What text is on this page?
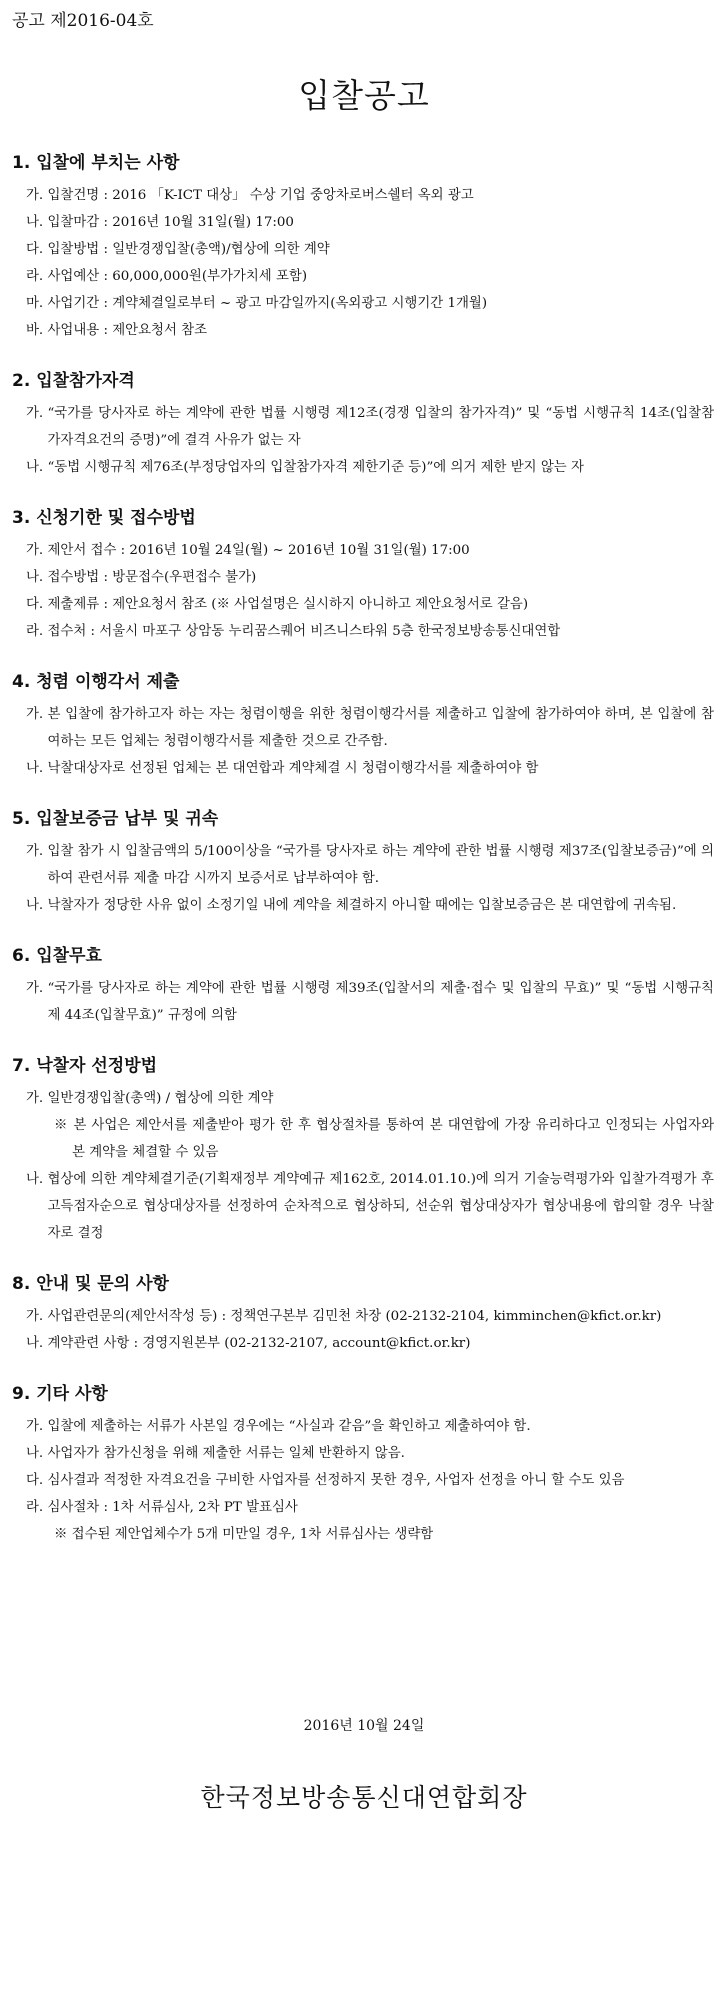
공고 제2016-04호
입찰공고
1. 입찰에 부치는 사항
가. 입찰건명 : 2016 「K-ICT 대상」 수상 기업 중앙차로버스쉘터 옥외 광고
나. 입찰마감 : 2016년 10월 31일(월) 17:00
다. 입찰방법 : 일반경쟁입찰(총액)/협상에 의한 계약
라. 사업예산 : 60,000,000원(부가가치세 포함)
마. 사업기간 : 계약체결일로부터 ~ 광고 마감일까지(옥외광고 시행기간 1개월)
바. 사업내용 : 제안요청서 참조
2. 입찰참가자격
가. “국가를 당사자로 하는 계약에 관한 법률 시행령 제12조(경쟁 입찰의 참가자격)” 및 “동법 시행규칙 14조(입찰참가자격요건의 증명)”에 결격 사유가 없는 자
나. “동법 시행규칙 제76조(부정당업자의 입찰참가자격 제한기준 등)”에 의거 제한 받지 않는 자
3. 신청기한 및 접수방법
가. 제안서 접수 : 2016년 10월 24일(월) ~ 2016년 10월 31일(월) 17:00
나. 접수방법 : 방문접수(우편접수 불가)
다. 제출제류 : 제안요청서 참조 (※ 사업설명은 실시하지 아니하고 제안요청서로 갈음)
라. 접수처 : 서울시 마포구 상암동 누리꿈스퀘어 비즈니스타워 5층 한국정보방송통신대연합
4. 청렴 이행각서 제출
가. 본 입찰에 참가하고자 하는 자는 청렴이행을 위한 청렴이행각서를 제출하고 입찰에 참가하여야 하며, 본 입찰에 참여하는 모든 업체는 청렴이행각서를 제출한 것으로 간주함.
나. 낙찰대상자로 선정된 업체는 본 대연합과 계약체결 시 청렴이행각서를 제출하여야 함
5. 입찰보증금 납부 및 귀속
가. 입찰 참가 시 입찰금액의 5/100이상을 “국가를 당사자로 하는 계약에 관한 법률 시행령 제37조(입찰보증금)”에 의하여 관련서류 제출 마감 시까지 보증서로 납부하여야 함.
나. 낙찰자가 정당한 사유 없이 소정기일 내에 계약을 체결하지 아니할 때에는 입찰보증금은 본 대연합에 귀속됨.
6. 입찰무효
가. “국가를 당사자로 하는 계약에 관한 법률 시행령 제39조(입찰서의 제출·접수 및 입찰의 무효)” 및 “동법 시행규칙 제 44조(입찰무효)” 규정에 의함
7. 낙찰자 선정방법
가. 일반경쟁입찰(총액) / 협상에 의한 계약
※ 본 사업은 제안서를 제출받아 평가 한 후 협상절차를 통하여 본 대연합에 가장 유리하다고 인정되는 사업자와 본 계약을 체결할 수 있음
나. 협상에 의한 계약체결기준(기획재정부 계약예규 제162호, 2014.01.10.)에 의거 기술능력평가와 입찰가격평가 후 고득점자순으로 협상대상자를 선정하여 순차적으로 협상하되, 선순위 협상대상자가 협상내용에 합의할 경우 낙찰자로 결정
8. 안내 및 문의 사항
가. 사업관련문의(제안서작성 등) : 정책연구본부 김민천 차장 (02-2132-2104, kimminchen@kfict.or.kr)
나. 계약관련 사항 : 경영지원본부 (02-2132-2107, account@kfict.or.kr)
9. 기타 사항
가. 입찰에 제출하는 서류가 사본일 경우에는 “사실과 같음”을 확인하고 제출하여야 함.
나. 사업자가 참가신청을 위해 제출한 서류는 일체 반환하지 않음.
다. 심사결과 적정한 자격요건을 구비한 사업자를 선정하지 못한 경우, 사업자 선정을 아니 할 수도 있음
라. 심사절차 : 1차 서류심사, 2차 PT 발표심사
※ 접수된 제안업체수가 5개 미만일 경우, 1차 서류심사는 생략함
2016년 10월 24일
한국정보방송통신대연합회장
